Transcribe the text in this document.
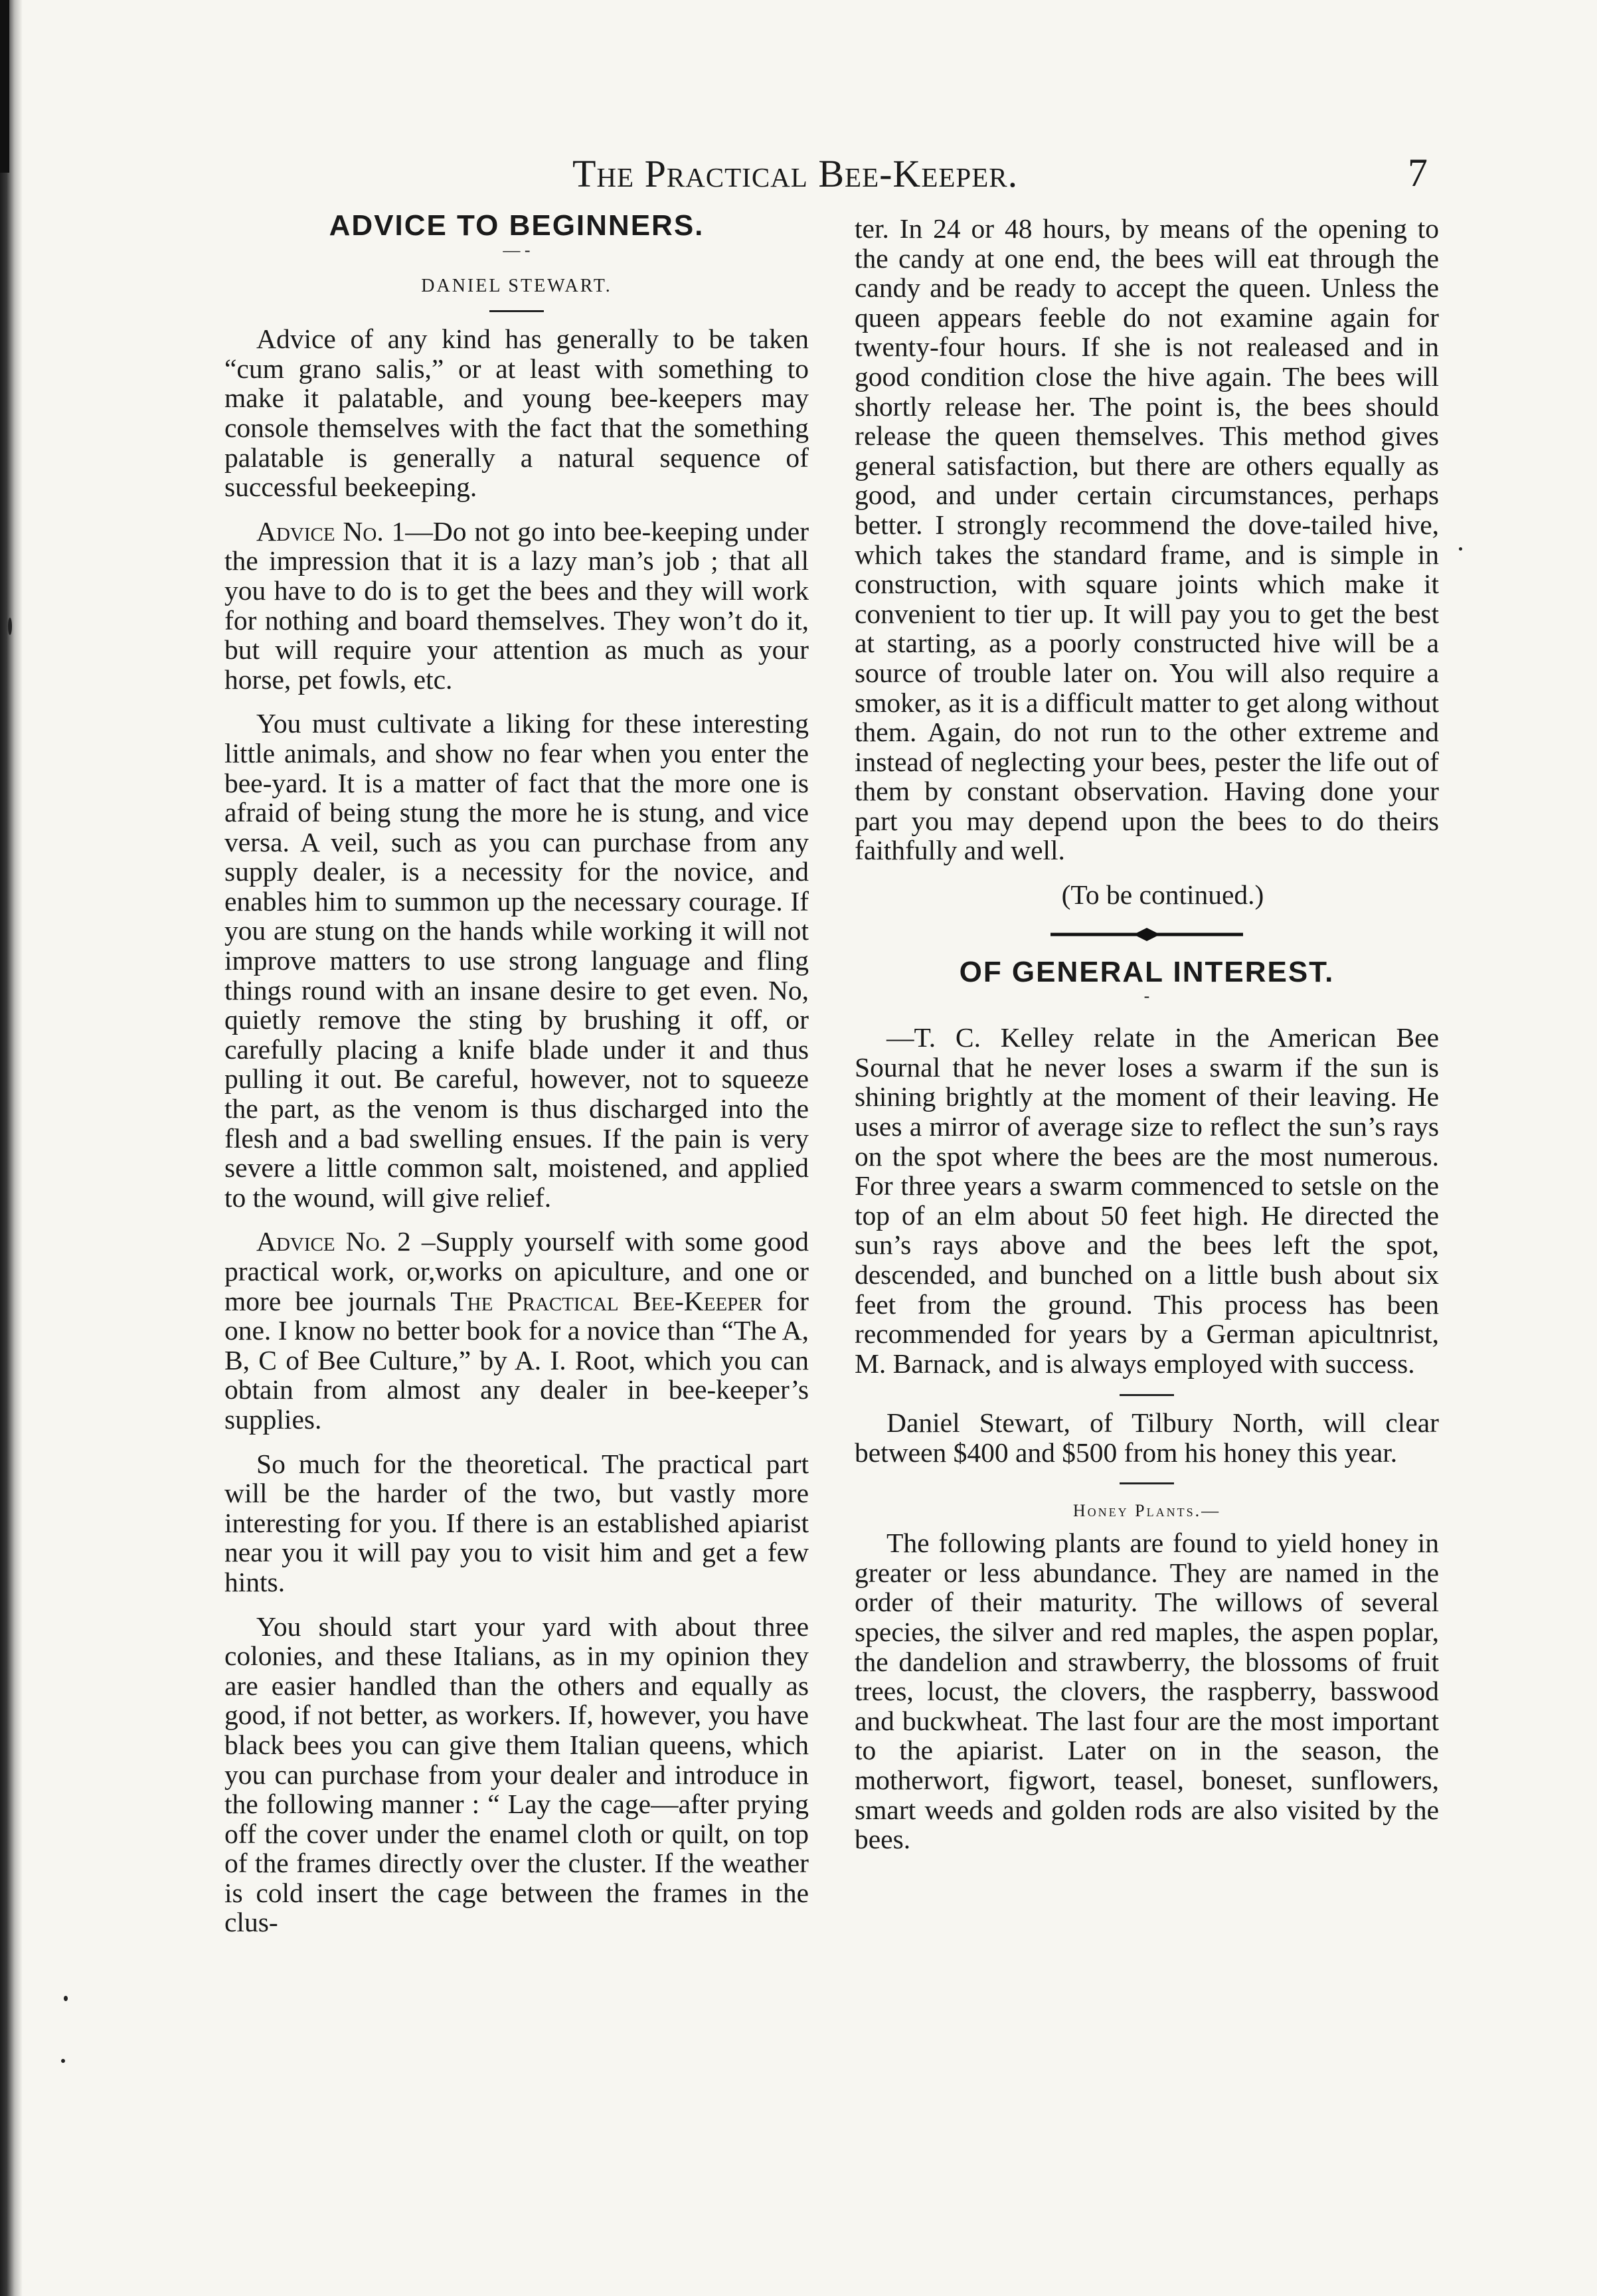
The Practical Bee-Keeper.	7
ADVICE TO BEGINNERS.
— -
DANIEL STEWART.

Advice of any kind has generally to be taken “cum grano salis,” or at least with something to make it palatable, and young bee-keepers may console themselves with the fact that the something palatable is generally a natural sequence of successful beekeeping.

Advice No. 1—Do not go into bee-keeping under the impression that it is a lazy man’s job ; that all you have to do is to get the bees and they will work for nothing and board themselves. They won’t do it, but will require your attention as much as your horse, pet fowls, etc.

You must cultivate a liking for these interesting little animals, and show no fear when you enter the bee-yard. It is a matter of fact that the more one is afraid of being stung the more he is stung, and vice versa. A veil, such as you can purchase from any supply dealer, is a necessity for the novice, and enables him to summon up the necessary courage. If you are stung on the hands while working it will not improve matters to use strong language and fling things round with an insane desire to get even. No, quietly remove the sting by brushing it off, or carefully placing a knife blade under it and thus pulling it out. Be careful, however, not to squeeze the part, as the venom is thus discharged into the flesh and a bad swelling ensues. If the pain is very severe a little common salt, moistened, and applied to the wound, will give relief.

Advice No. 2 –Supply yourself with some good practical work, or,works on apiculture, and one or more bee journals The Practical Bee-Keeper for one. I know no better book for a novice than “The A, B, C of Bee Culture,” by A. I. Root, which you can obtain from almost any dealer in bee-keeper’s supplies.

So much for the theoretical. The practical part will be the harder of the two, but vastly more interesting for you. If there is an established apiarist near you it will pay you to visit him and get a few hints.

You should start your yard with about three colonies, and these Italians, as in my opinion they are easier handled than the others and equally as good, if not better, as workers. If, however, you have black bees you can give them Italian queens, which you can purchase from your dealer and introduce in the following manner : “ Lay the cage—after prying off the cover under the enamel cloth or quilt, on top of the frames directly over the cluster. If the weather is cold insert the cage between the frames in the clus-

ter. In 24 or 48 hours, by means of the opening to the candy at one end, the bees will eat through the candy and be ready to accept the queen. Unless the queen appears feeble do not examine again for twenty-four hours. If she is not realeased and in good condition close the hive again. The bees will shortly release her. The point is, the bees should release the queen themselves. This method gives general satisfaction, but there are others equally as good, and under certain circumstances, perhaps better. I strongly recommend the dove-tailed hive, which takes the standard frame, and is simple in construction, with square joints which make it convenient to tier up. It will pay you to get the best at starting, as a poorly constructed hive will be a source of trouble later on. You will also require a smoker, as it is a difficult matter to get along without them. Again, do not run to the other extreme and instead of neglecting your bees, pester the life out of them by constant observation. Having done your part you may depend upon the bees to do theirs faithfully and well.

(To be continued.)

OF GENERAL INTEREST.
-

—T. C. Kelley relate in the American Bee Sournal that he never loses a swarm if the sun is shining brightly at the moment of their leaving. He uses a mirror of average size to reflect the sun’s rays on the spot where the bees are the most numerous. For three years a swarm commenced to setsle on the top of an elm about 50 feet high. He directed the sun’s rays above and the bees left the spot, descended, and bunched on a little bush about six feet from the ground. This process has been recommended for years by a German apicultnrist, M. Barnack, and is always employed with success.

Daniel Stewart, of Tilbury North, will clear between $400 and $500 from his honey this year.

Honey Plants.—

The following plants are found to yield honey in greater or less abundance. They are named in the order of their maturity. The willows of several species, the silver and red maples, the aspen poplar, the dandelion and strawberry, the blossoms of fruit trees, locust, the clovers, the raspberry, basswood and buckwheat. The last four are the most important to the apiarist. Later on in the season, the motherwort, figwort, teasel, boneset, sunflowers, smart weeds and golden rods are also visited by the bees.
